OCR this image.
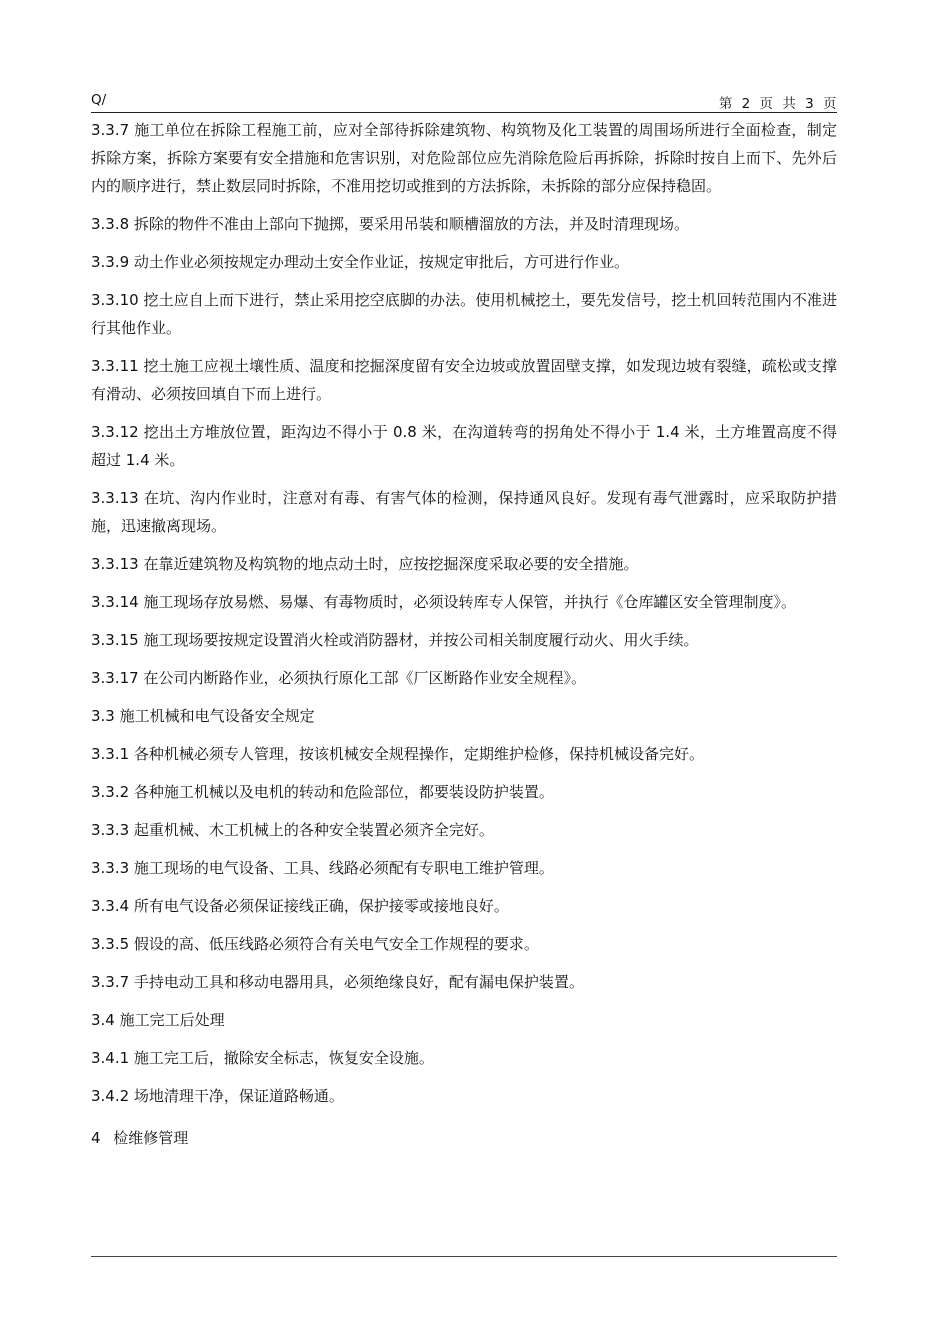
Q/	第 2 页 共 3 页

3.3.7 施工单位在拆除工程施工前，应对全部待拆除建筑物、构筑物及化工装置的周围场所进行全面检查，制定拆除方案，拆除方案要有安全措施和危害识别，对危险部位应先消除危险后再拆除，拆除时按自上而下、先外后内的顺序进行，禁止数层同时拆除，不准用挖切或推到的方法拆除，未拆除的部分应保持稳固。

3.3.8 拆除的物件不准由上部向下抛掷，要采用吊装和顺槽溜放的方法，并及时清理现场。

3.3.9 动土作业必须按规定办理动土安全作业证，按规定审批后，方可进行作业。

3.3.10 挖土应自上而下进行，禁止采用挖空底脚的办法。使用机械挖土，要先发信号，挖土机回转范围内不准进行其他作业。

3.3.11 挖土施工应视土壤性质、温度和挖掘深度留有安全边坡或放置固壁支撑，如发现边坡有裂缝，疏松或支撑有滑动、必须按回填自下而上进行。

3.3.12 挖出土方堆放位置，距沟边不得小于 0.8 米，在沟道转弯的拐角处不得小于 1.4 米，土方堆置高度不得超过 1.4 米。

3.3.13 在坑、沟内作业时，注意对有毒、有害气体的检测，保持通风良好。发现有毒气泄露时，应采取防护措施，迅速撤离现场。

3.3.13 在靠近建筑物及构筑物的地点动土时，应按挖掘深度采取必要的安全措施。

3.3.14 施工现场存放易燃、易爆、有毒物质时，必须设转库专人保管，并执行《仓库罐区安全管理制度》。

3.3.15 施工现场要按规定设置消火栓或消防器材，并按公司相关制度履行动火、用火手续。

3.3.17 在公司内断路作业，必须执行原化工部《厂区断路作业安全规程》。

3.3 施工机械和电气设备安全规定

3.3.1 各种机械必须专人管理，按该机械安全规程操作，定期维护检修，保持机械设备完好。

3.3.2 各种施工机械以及电机的转动和危险部位，都要装设防护装置。

3.3.3 起重机械、木工机械上的各种安全装置必须齐全完好。

3.3.3 施工现场的电气设备、工具、线路必须配有专职电工维护管理。

3.3.4 所有电气设备必须保证接线正确，保护接零或接地良好。

3.3.5 假设的高、低压线路必须符合有关电气安全工作规程的要求。

3.3.7 手持电动工具和移动电器用具，必须绝缘良好，配有漏电保护装置。

3.4 施工完工后处理

3.4.1 施工完工后，撤除安全标志，恢复安全设施。

3.4.2 场地清理干净，保证道路畅通。

4 检维修管理
